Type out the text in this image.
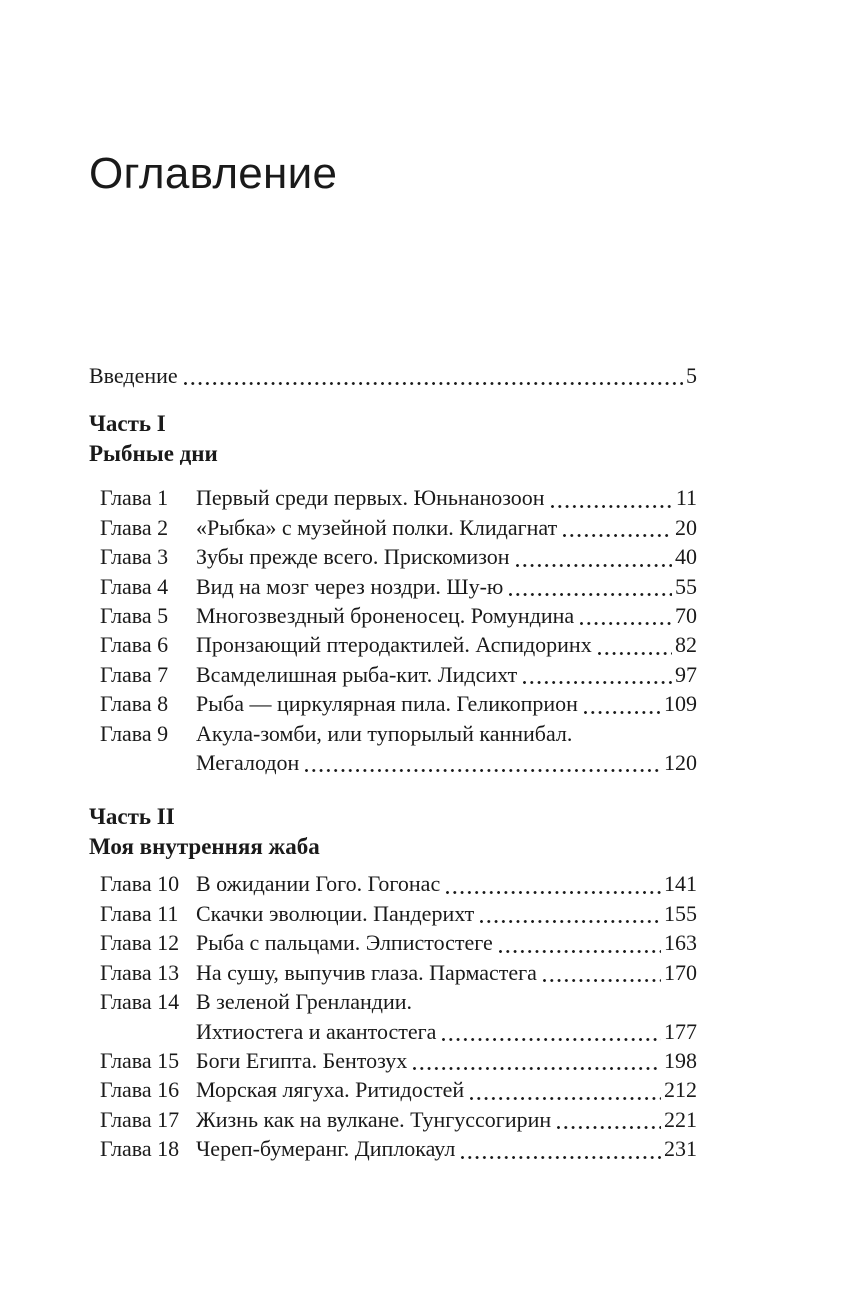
Оглавление
Введение	5
Часть I
Рыбные дни
Глава 1	Первый среди первых. Юньнанозоон	11
Глава 2	«Рыбка» с музейной полки. Клидагнат	20
Глава 3	Зубы прежде всего. Прискомизон	40
Глава 4	Вид на мозг через ноздри. Шу-ю	55
Глава 5	Многозвездный броненосец. Ромундина	70
Глава 6	Пронзающий птеродактилей. Аспидоринх	82
Глава 7	Всамделишная рыба-кит. Лидсихт	97
Глава 8	Рыба — циркулярная пила. Геликоприон	109
Глава 9	Акула-зомби, или тупорылый каннибал.
Мегалодон	120
Часть II
Моя внутренняя жаба
Глава 10 В ожидании Гого. Гогонас	141
Глава 11 Скачки эволюции. Пандерихт	155
Глава 12 Рыба с пальцами. Элпистостеге	163
Глава 13 На сушу, выпучив глаза. Пармастега	170
Глава 14 В зеленой Гренландии.
Ихтиостега и акантостега	177
Глава 15 Боги Египта. Бентозух	198
Глава 16 Морская лягуха. Ритидостей	212
Глава 17 Жизнь как на вулкане. Тунгуссогирин	221
Глава 18 Череп-бумеранг. Диплокаул	231
